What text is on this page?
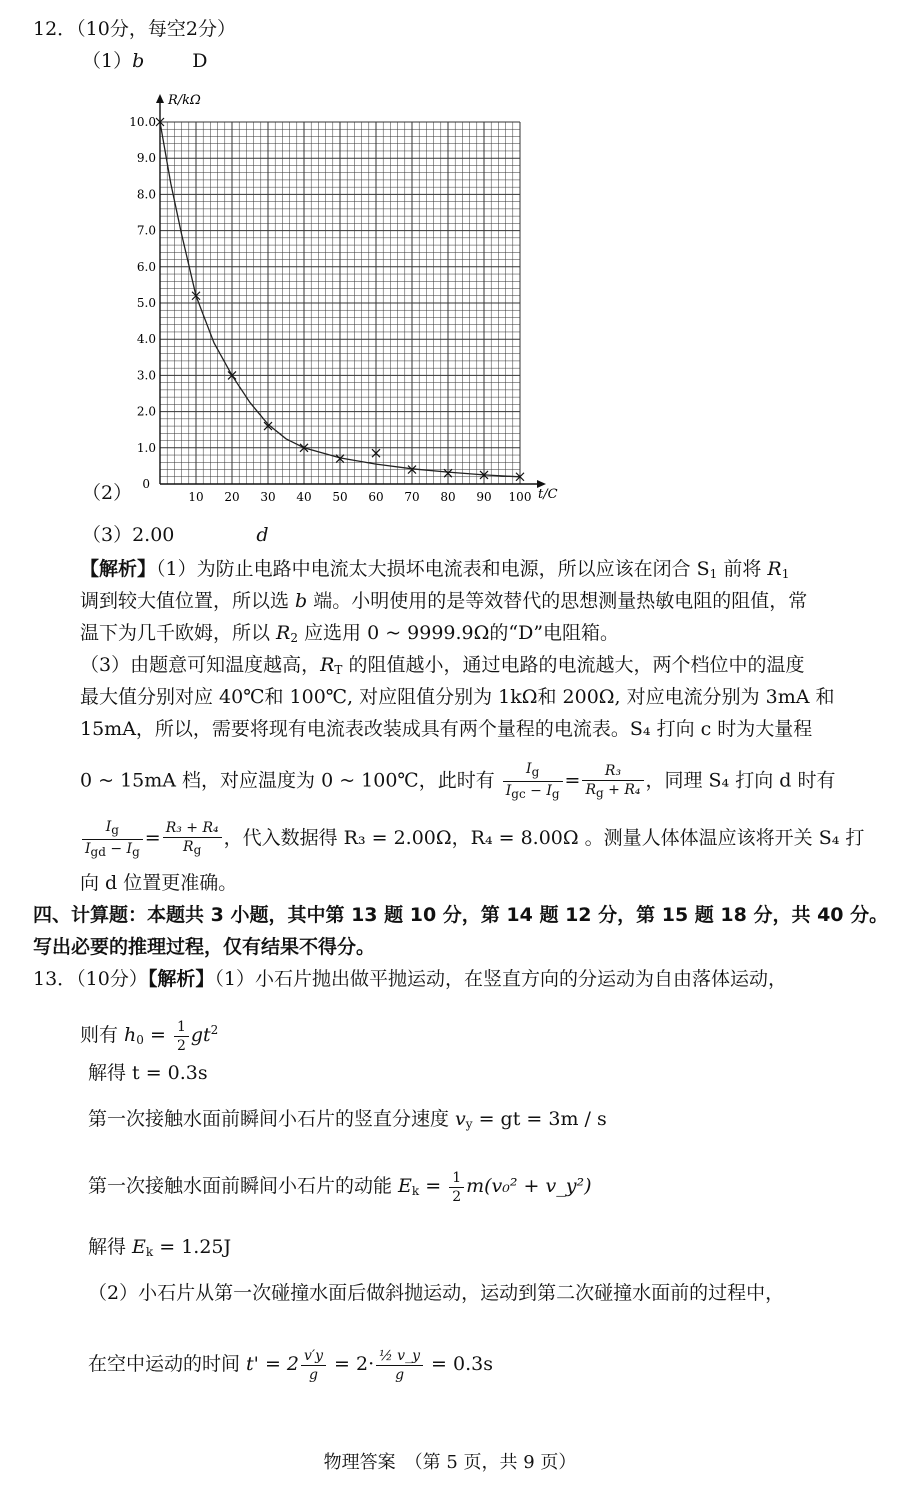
12．（10分，每空2分）
（1）b	D
10 20 30 40 50 60 70 80 90 100
1.0
2.0
3.0
4.0
5.0
6.0
7.0
8.0
9.0
10.0
0
R/kΩ
t/C
（2）
（3）2.00	d
【解析】（1）为防止电路中电流太大损坏电流表和电源，所以应该在闭合 $S_1$ 前将 $R_1$
调到较大值位置，所以选 b 端。小明使用的是等效替代的思想测量热敏电阻的阻值，常
温下为几千欧姆，所以 $R_2$ 应选用 0 ~ 9999.9Ω的“D”电阻箱。
（3）由题意可知温度越高，$R_T$ 的阻值越小，通过电路的电流越大，两个档位中的温度
最大值分别对应 40℃和 100℃, 对应阻值分别为 1kΩ和 200Ω, 对应电流分别为 3mA 和
15mA，所以，需要将现有电流表改装成具有两个量程的电流表。S₄ 打向 c 时为大量程
0 ~ 15mA 档，对应温度为 0 ~ 100℃，此时有 $\frac{I_g}{I_{gc} - I_g} = \frac{\text{R₃}}{R_g + R_4}$ ，同理 S₄ 打向 d 时有
$\frac{I_g}{I_{gd} - I_g} = \frac{\text{R₃ + R₄}}{R_g}$ ，代入数据得 R₃ = 2.00Ω，R₄ = 8.00Ω 。测量人体体温应该将开关 S₄ 打
向 d 位置更准确。
四、计算题：本题共 3 小题，其中第 13 题 10 分，第 14 题 12 分，第 15 题 18 分，共 40 分。
写出必要的推理过程，仅有结果不得分。
13．（10分）【解析】（1）小石片抛出做平抛运动，在竖直方向的分运动为自由落体运动，
则有 $h_0 = \frac{1}{2} gt^2$
解得 t = 0.3s
第一次接触水面前瞬间小石片的竖直分速度 $v_y$ = gt = 3m / s
第一次接触水面前瞬间小石片的动能 $E_k = \frac{1}{2} m(v_0^2$ + v_y²)
解得 $E_k = 1.25J$
（2）小石片从第一次碰撞水面后做斜抛运动，运动到第二次碰撞水面前的过程中，
在空中运动的时间 $t' = 2 \frac{v'y}{g} = 2\cdot \frac{\text{½ v\_y}}{g} = 0.3s$
物理答案　（第 5 页，共 9 页）
